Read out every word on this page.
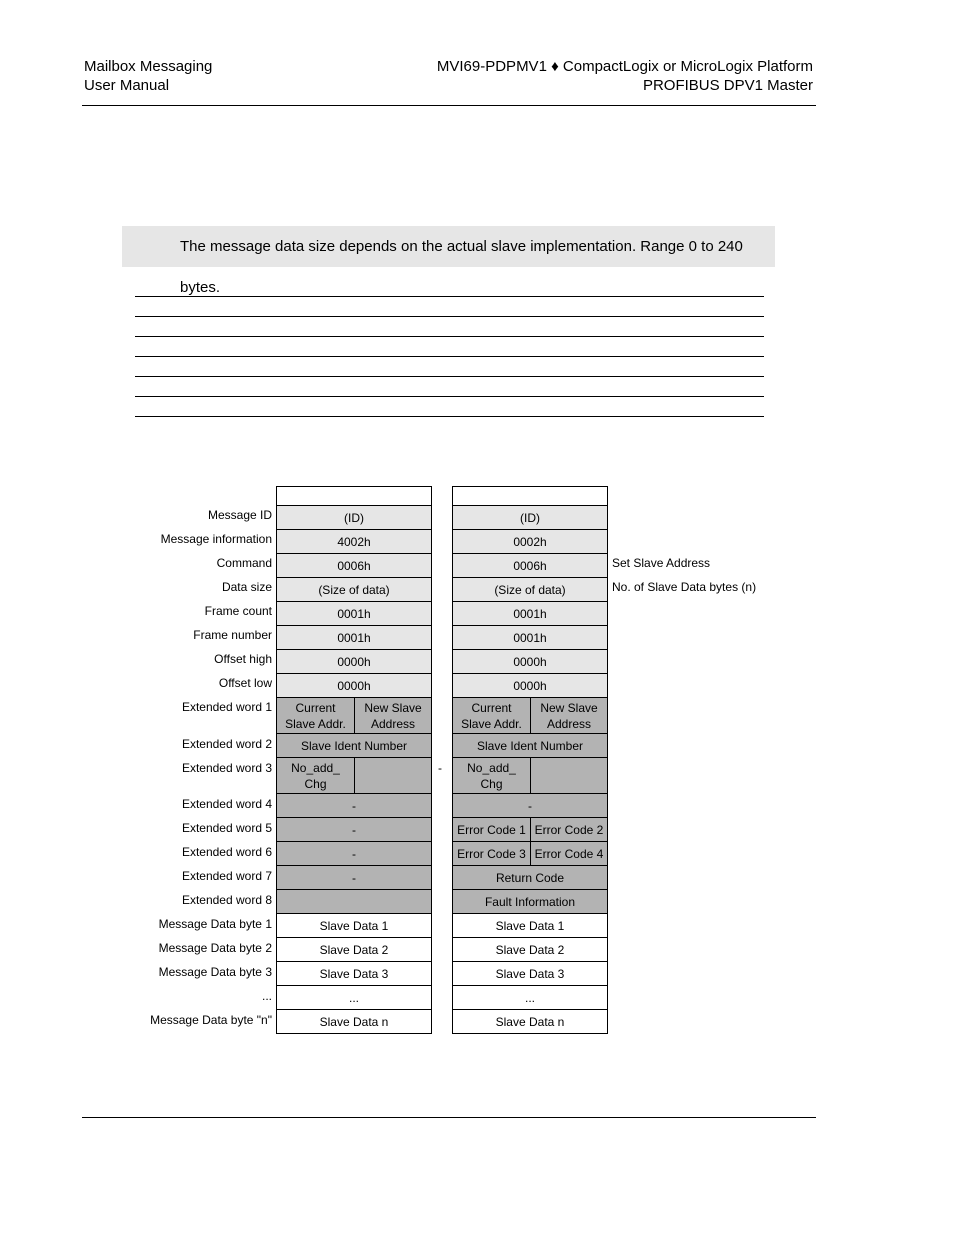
Mailbox Messaging
User Manual
MVI69-PDPMV1 ♦ CompactLogix or MicroLogix Platform
PROFIBUS DPV1 Master
The message data size depends on the actual slave implementation. Range 0 to 240 bytes.
Message ID
Message information
Command
Data size
Frame count
Frame number
Offset high
Offset low
Extended word 1
Extended word 2
Extended word 3
Extended word 4
Extended word 5
Extended word 6
Extended word 7
Extended word 8
Message Data byte 1
Message Data byte 2
Message Data byte 3
...
Message Data byte "n"
Set Slave Address
No. of Slave Data bytes (n)
-
(ID)
4002h
0006h
(Size of data)
0001h
0001h
0000h
0000h
Current
Slave Addr.
New Slave
Address
Slave Ident Number
No_add_
Chg
-
-
-
-
Slave Data 1
Slave Data 2
Slave Data 3
...
Slave Data n
(ID)
0002h
0006h
(Size of data)
0001h
0001h
0000h
0000h
Current
Slave Addr.
New Slave
Address
Slave Ident Number
No_add_
Chg
-
Error Code 1 Error Code 2
Error Code 3 Error Code 4
Return Code
Fault Information
Slave Data 1
Slave Data 2
Slave Data 3
...
Slave Data n
